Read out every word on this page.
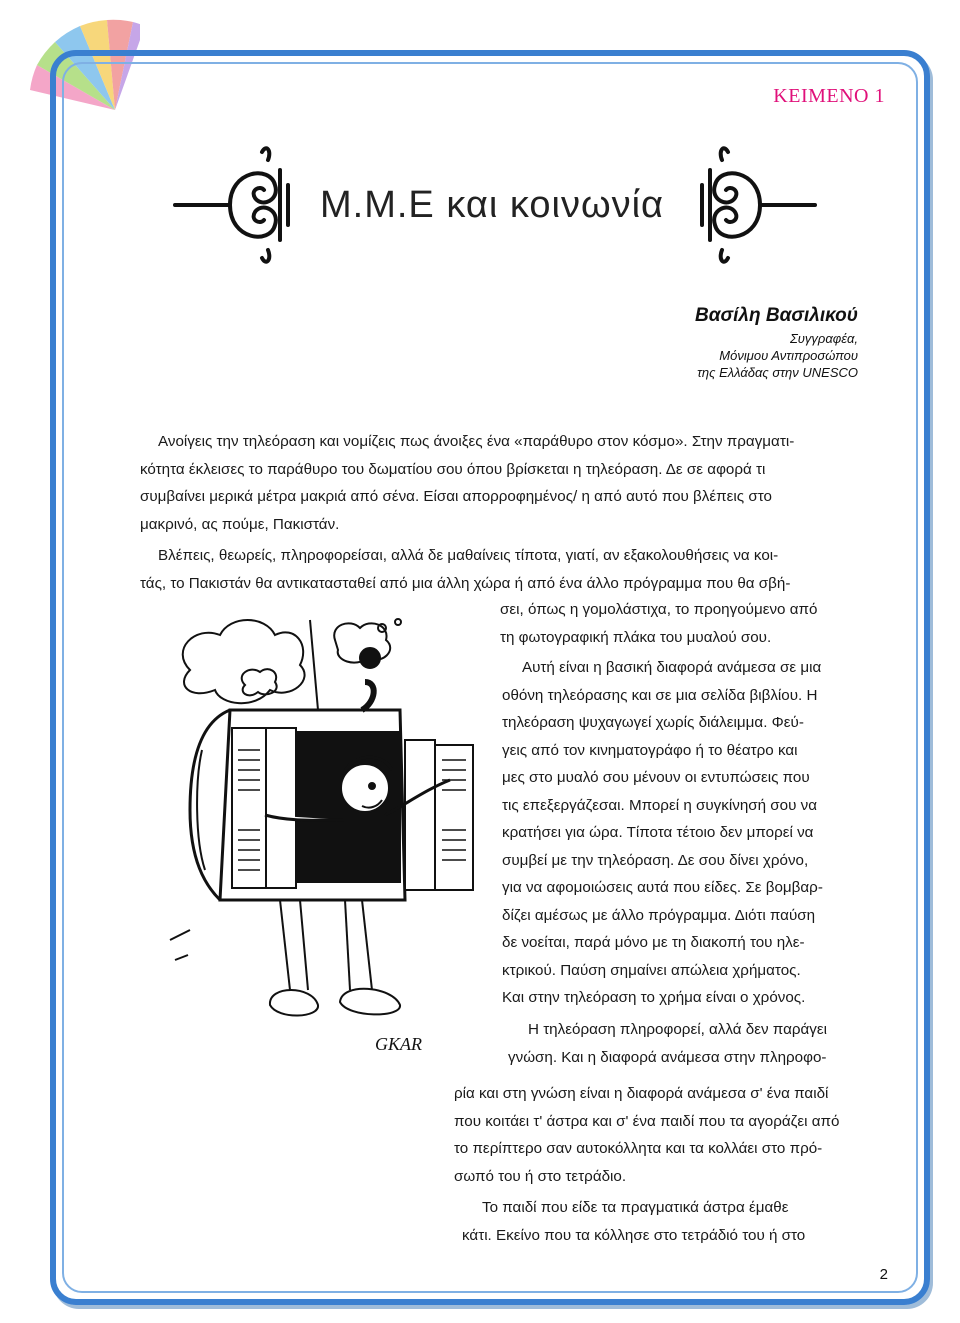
ΚΕΙΜΕΝΟ 1
Μ.Μ.Ε και κοινωνία
Βασίλη Βασιλικού
Συγγραφέα,
Μόνιμου Αντιπροσώπου
της Ελλάδας στην UNESCO
Ανοίγεις την τηλεόραση και νομίζεις πως άνοιξες ένα «παράθυρο στον κόσμο». Στην πραγματι-
κότητα έκλεισες το παράθυρο του δωματίου σου όπου βρίσκεται η τηλεόραση. Δε σε αφορά τι
συμβαίνει μερικά μέτρα μακριά από σένα. Είσαι απορροφημένος/ η από αυτό που βλέπεις στο
μακρινό, ας πούμε, Πακιστάν.
Βλέπεις, θεωρείς, πληροφορείσαι, αλλά δε μαθαίνεις τίποτα, γιατί, αν εξακολουθήσεις να κοι-
τάς, το Πακιστάν θα αντικατασταθεί από μια άλλη χώρα ή από ένα άλλο πρόγραμμα που θα σβή-
σει, όπως η γομολάστιχα, το προηγούμενο από
τη φωτογραφική πλάκα του μυαλού σου.
Αυτή είναι η βασική διαφορά ανάμεσα σε μια
οθόνη τηλεόρασης και σε μια σελίδα βιβλίου. Η
τηλεόραση ψυχαγωγεί χωρίς διάλειμμα. Φεύ-
γεις από τον κινηματογράφο ή το θέατρο και
μες στο μυαλό σου μένουν οι εντυπώσεις που
τις επεξεργάζεσαι. Μπορεί η συγκίνησή σου να
κρατήσει για ώρα. Τίποτα τέτοιο δεν μπορεί να
συμβεί με την τηλεόραση. Δε σου δίνει χρόνο,
για να αφομοιώσεις αυτά που είδες. Σε βομβαρ-
δίζει αμέσως με άλλο πρόγραμμα. Διότι παύση
δε νοείται, παρά μόνο με τη διακοπή του ηλε-
κτρικού. Παύση σημαίνει απώλεια χρήματος.
Και στην τηλεόραση το χρήμα είναι ο χρόνος.
Η τηλεόραση πληροφορεί, αλλά δεν παράγει
γνώση. Και η διαφορά ανάμεσα στην πληροφο-
ρία και στη γνώση είναι η διαφορά ανάμεσα σ' ένα παιδί
που κοιτάει τ' άστρα και σ' ένα παιδί που τα αγοράζει από
το περίπτερο σαν αυτοκόλλητα και τα κολλάει στο πρό-
σωπό του ή στο τετράδιο.
Το παιδί που είδε τα πραγματικά άστρα έμαθε
κάτι. Εκείνο που τα κόλλησε στο τετράδιό του ή στο
GKAR
2
